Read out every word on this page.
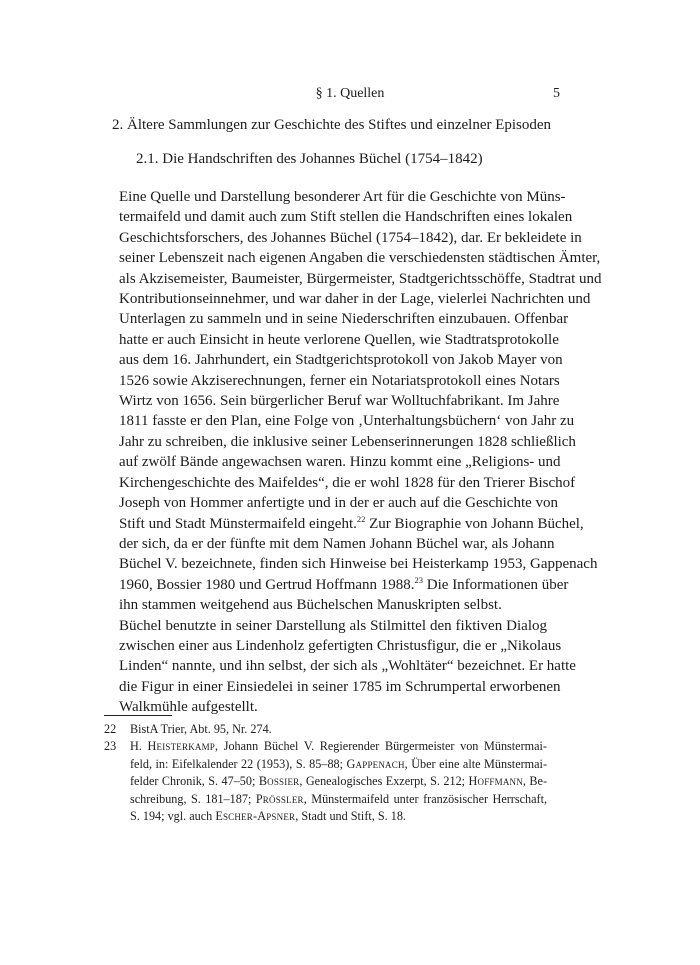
§ 1. Quellen	5
2. Ältere Sammlungen zur Geschichte des Stiftes und einzelner Episoden
2.1. Die Handschriften des Johannes Büchel (1754–1842)

Eine Quelle und Darstellung besonderer Art für die Geschichte von Müns-
termaifeld und damit auch zum Stift stellen die Handschriften eines lokalen
Geschichtsforschers, des Johannes Büchel (1754–1842), dar. Er bekleidete in
seiner Lebenszeit nach eigenen Angaben die verschiedensten städtischen Ämter,
als Akzisemeister, Baumeister, Bürgermeister, Stadtgerichtsschöffe, Stadtrat und
Kontributionseinnehmer, und war daher in der Lage, vielerlei Nachrichten und
Unterlagen zu sammeln und in seine Niederschriften einzubauen. Offenbar
hatte er auch Einsicht in heute verlorene Quellen, wie Stadtratsprotokolle
aus dem 16. Jahrhundert, ein Stadtgerichtsprotokoll von Jakob Mayer von
1526 sowie Akziserechnungen, ferner ein Notariatsprotokoll eines Notars
Wirtz von 1656. Sein bürgerlicher Beruf war Wolltuchfabrikant. Im Jahre
1811 fasste er den Plan, eine Folge von ‚Unterhaltungsbüchern‘ von Jahr zu
Jahr zu schreiben, die inklusive seiner Lebenserinnerungen 1828 schließlich
auf zwölf Bände angewachsen waren. Hinzu kommt eine „Religions- und
Kirchengeschichte des Maifeldes“, die er wohl 1828 für den Trierer Bischof
Joseph von Hommer anfertigte und in der er auch auf die Geschichte von
Stift und Stadt Münstermaifeld eingeht.$^{22}$ Zur Biographie von Johann Büchel,
der sich, da er der fünfte mit dem Namen Johann Büchel war, als Johann
Büchel V. bezeichnete, finden sich Hinweise bei Heisterkamp 1953, Gappenach
1960, Bossier 1980 und Gertrud Hoffmann 1988.23 Die Informationen über
ihn stammen weitgehend aus Büchelschen Manuskripten selbst.

Büchel benutzte in seiner Darstellung als Stilmittel den fiktiven Dialog
zwischen einer aus Lindenholz gefertigten Christusfigur, die er „Nikolaus
Linden“ nannte, und ihn selbst, der sich als „Wohltäter“ bezeichnet. Er hatte
die Figur in einer Einsiedelei in seiner 1785 im Schrumpertal erworbenen
Walkmühle aufgestellt.

22	BistA Trier, Abt. 95, Nr. 274.
23	H. Heisterkamp, Johann Büchel V. Regierender Bürgermeister von Münstermai-
feld, in: Eifelkalender 22 (1953), S. 85–88; Gappenach, Über eine alte Münstermai-
felder Chronik, S. 47–50; Bossier, Genealogisches Exzerpt, S. 212; Hoffmann, Be-
schreibung, S. 181–187; Prössler, Münstermaifeld unter französischer Herrschaft,
S. 194; vgl. auch Escher-Apsner, Stadt und Stift, S. 18.
